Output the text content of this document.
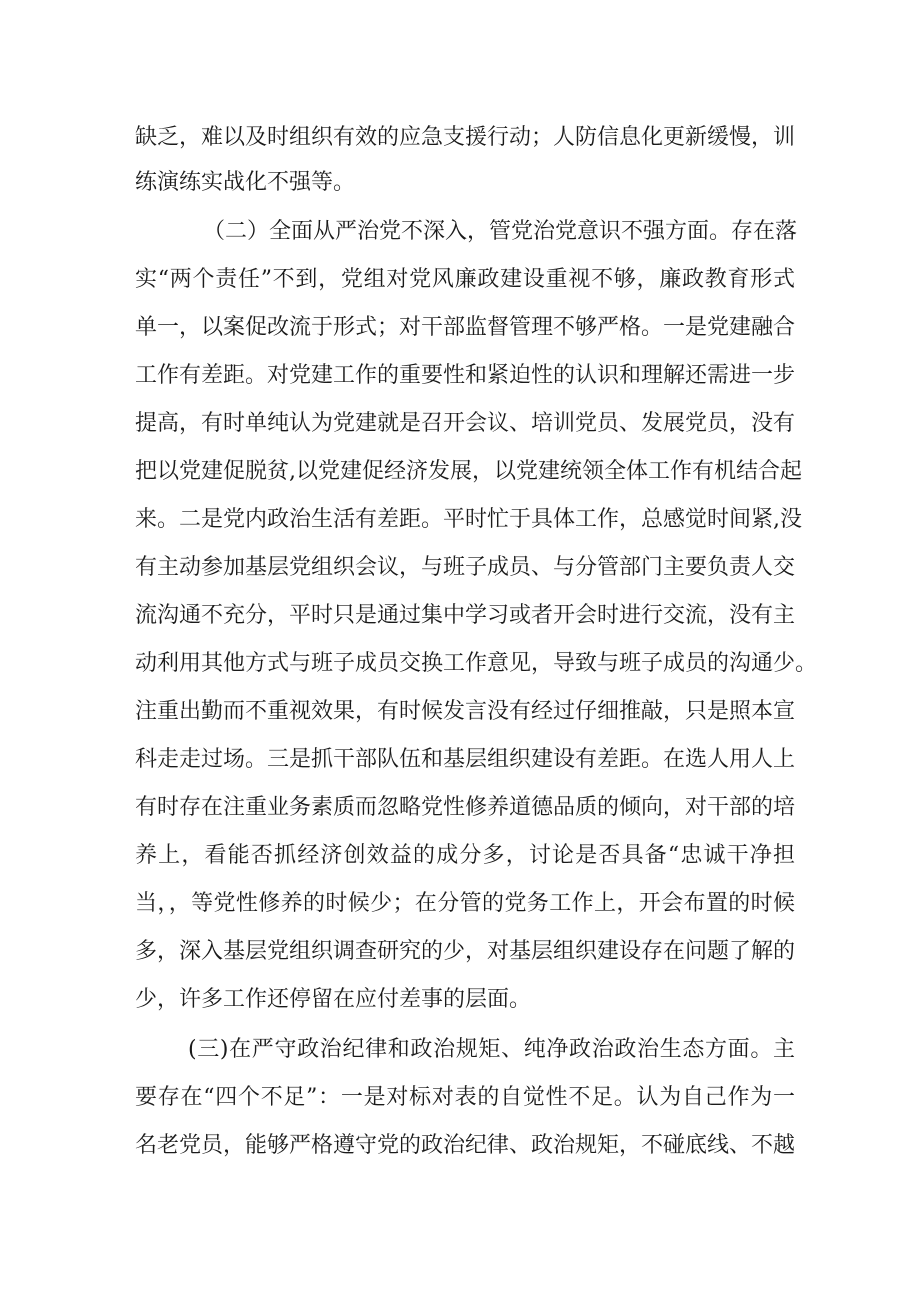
缺乏，难以及时组织有效的应急支援行动；人防信息化更新缓慢，训
练演练实战化不强等。
（二）全面从严治党不深入，管党治党意识不强方面。存在落
实“两个责任”不到，党组对党风廉政建设重视不够，廉政教育形式
单一，以案促改流于形式；对干部监督管理不够严格。一是党建融合
工作有差距。对党建工作的重要性和紧迫性的认识和理解还需进一步
提高，有时单纯认为党建就是召开会议、培训党员、发展党员，没有
把以党建促脱贫,以党建促经济发展，以党建统领全体工作有机结合起
来。二是党内政治生活有差距。平时忙于具体工作，总感觉时间紧,没
有主动参加基层党组织会议，与班子成员、与分管部门主要负责人交
流沟通不充分，平时只是通过集中学习或者开会时进行交流，没有主
动利用其他方式与班子成员交换工作意见，导致与班子成员的沟通少。
注重出勤而不重视效果，有时候发言没有经过仔细推敲，只是照本宣
科走走过场。三是抓干部队伍和基层组织建设有差距。在选人用人上
有时存在注重业务素质而忽略党性修养道德品质的倾向，对干部的培
养上，看能否抓经济创效益的成分多，讨论是否具备“忠诚干净担
当，，等党性修养的时候少；在分管的党务工作上，开会布置的时候
多，深入基层党组织调查研究的少，对基层组织建设存在问题了解的
少，许多工作还停留在应付差事的层面。
(三)在严守政治纪律和政治规矩、纯净政治政治生态方面。主
要存在“四个不足”：一是对标对表的自觉性不足。认为自己作为一
名老党员，能够严格遵守党的政治纪律、政治规矩，不碰底线、不越
